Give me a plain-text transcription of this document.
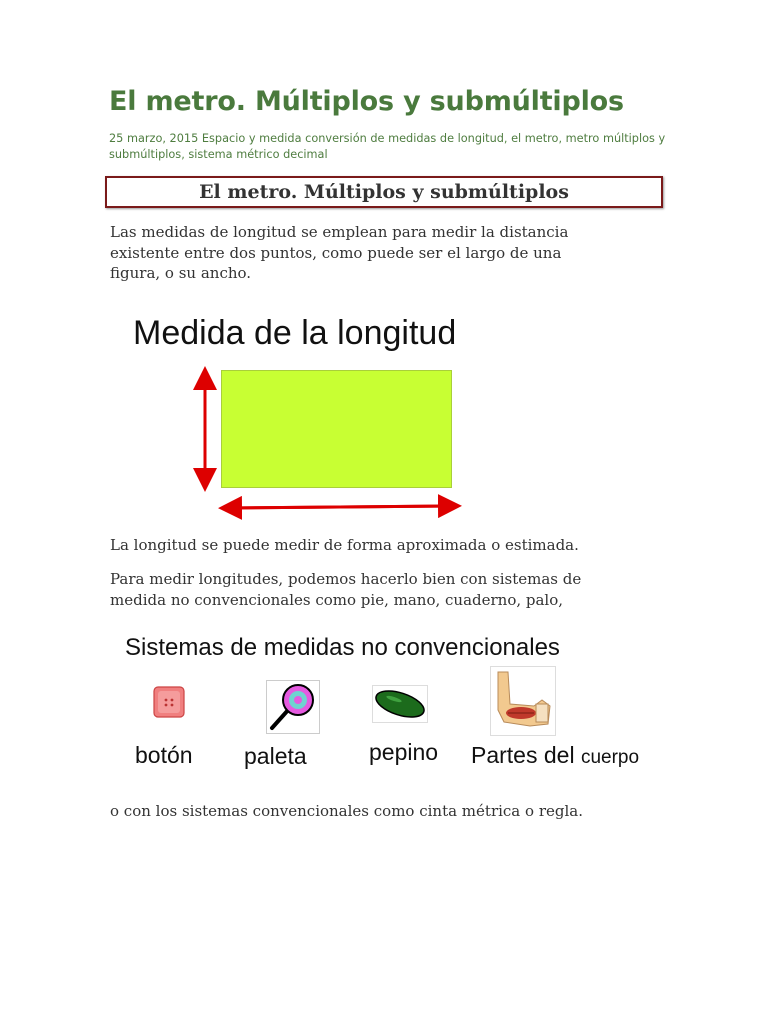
El metro. Múltiplos y submúltiplos
25 marzo, 2015 Espacio y medida conversión de medidas de longitud, el metro, metro múltiplos y submúltiplos, sistema métrico decimal
El metro. Múltiplos y submúltiplos
Las medidas de longitud se emplean para medir la distancia
existente entre dos puntos, como puede ser el largo de una
figura, o su ancho.
Medida de la longitud
La longitud se puede medir de forma aproximada o estimada.
Para medir longitudes, podemos hacerlo bien con sistemas de
medida no convencionales como pie, mano, cuaderno, palo,
Sistemas de medidas no convencionales
botón paleta	pepino Partes del cuerpo
o con los sistemas convencionales como cinta métrica o regla.
